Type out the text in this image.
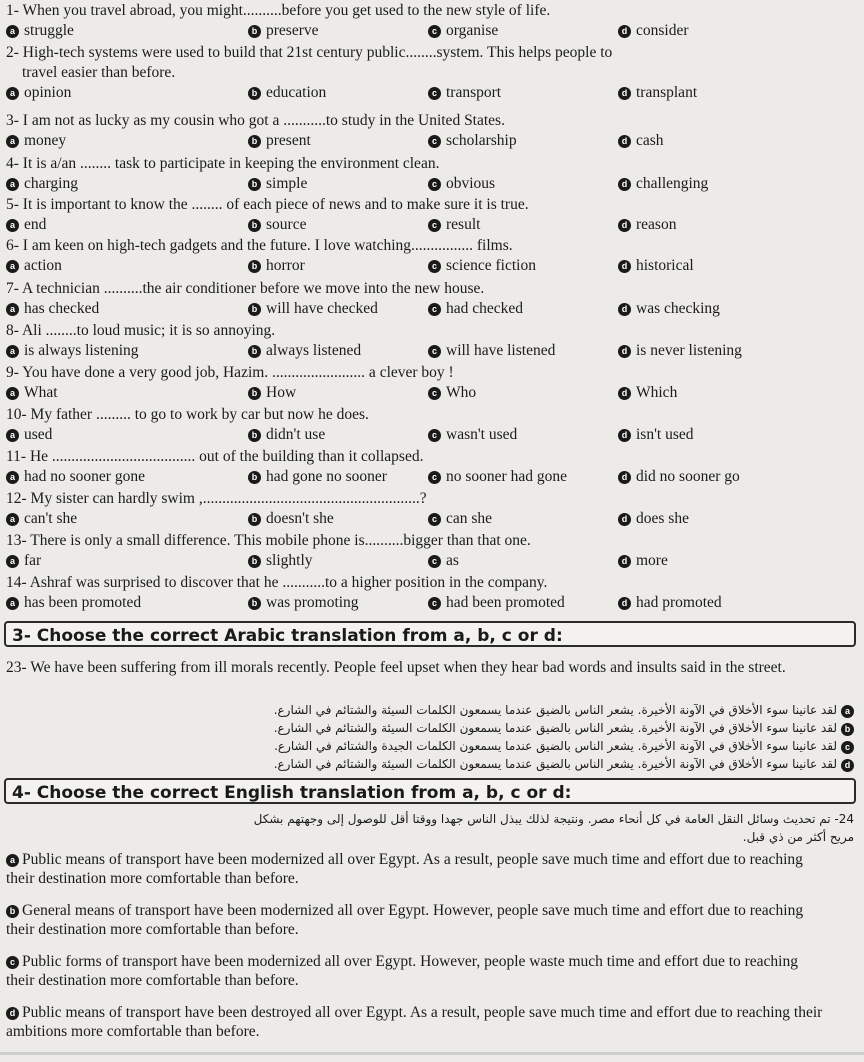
1- When you travel abroad, you might..........before you get used to the new style of life.
a struggle	b preserve	c organise	d consider
2- High-tech systems were used to build that 21st century public........system. This helps people to
travel easier than before.
a opinion	b education	c transport	d transplant
3- I am not as lucky as my cousin who got a ...........to study in the United States.
a money	b present	c scholarship	d cash
4- It is a/an ........ task to participate in keeping the environment clean.
a charging	b simple	c obvious	d challenging
5- It is important to know the ........ of each piece of news and to make sure it is true.
a end	b source	c result	d reason
6- I am keen on high-tech gadgets and the future. I love watching................ films.
a action	b horror	c science fiction	d historical
7- A technician ..........the air conditioner before we move into the new house.
a has checked	b will have checked	c had checked	d was checking
8- Ali ........to loud music; it is so annoying.
a is always listening	b always listened	c will have listened	d is never listening
9- You have done a very good job, Hazim. ........................ a clever boy !
a What	b How	c Who	d Which
10- My father ......... to go to work by car but now he does.
a used	b didn't use	c wasn't used	d isn't used
11- He ..................................... out of the building than it collapsed.
a had no sooner gone	b had gone no sooner	c no sooner had gone	d did no sooner go
12- My sister can hardly swim ,........................................................?
a can't she	b doesn't she	c can she	d does she
13- There is only a small difference. This mobile phone is..........bigger than that one.
a far	b slightly	c as	d more
14- Ashraf was surprised to discover that he ...........to a higher position in the company.
a has been promoted	b was promoting	c had been promoted	d had promoted
3- Choose the correct Arabic translation from a, b, c or d:
23- We have been suffering from ill morals recently. People feel upset when they hear bad words and insults said in the street.
aلقد عانينا سوء الأخلاق في الآونة الأخيرة. يشعر الناس بالضيق عندما يسمعون الكلمات السيئة والشتائم في الشارع.
bلقد عانينا سوء الأخلاق في الآونة الأخيرة. يشعر الناس بالضيق عندما يسمعون الكلمات السيئة والشتائم في الشارع.
cلقد عانينا سوء الأخلاق في الآونة الأخيرة. يشعر الناس بالضيق عندما يسمعون الكلمات الجيدة والشتائم في الشارع.
dلقد عانينا سوء الأخلاق في الآونة الأخيرة. يشعر الناس بالضيق عندما يسمعون الكلمات السيئة والشتائم في الشارع.
4- Choose the correct English translation from a, b, c or d:
24- تم تحديث وسائل النقل العامة في كل أنحاء مصر. ونتيجة لذلك يبذل الناس جهدا ووقتا أقل للوصول إلى وجهتهم بشكل
مريح أكثر من ذي قبل.
a Public means of transport have been modernized all over Egypt. As a result, people save much time and effort due to reaching their destination more comfortable than before.
b General means of transport have been modernized all over Egypt. However, people save much time and effort due to reaching their destination more comfortable than before.
c Public forms of transport have been modernized all over Egypt. However, people waste much time and effort due to reaching their destination more comfortable than before.
d Public means of transport have been destroyed all over Egypt. As a result, people save much time and effort due to reaching their ambitions more comfortable than before.
